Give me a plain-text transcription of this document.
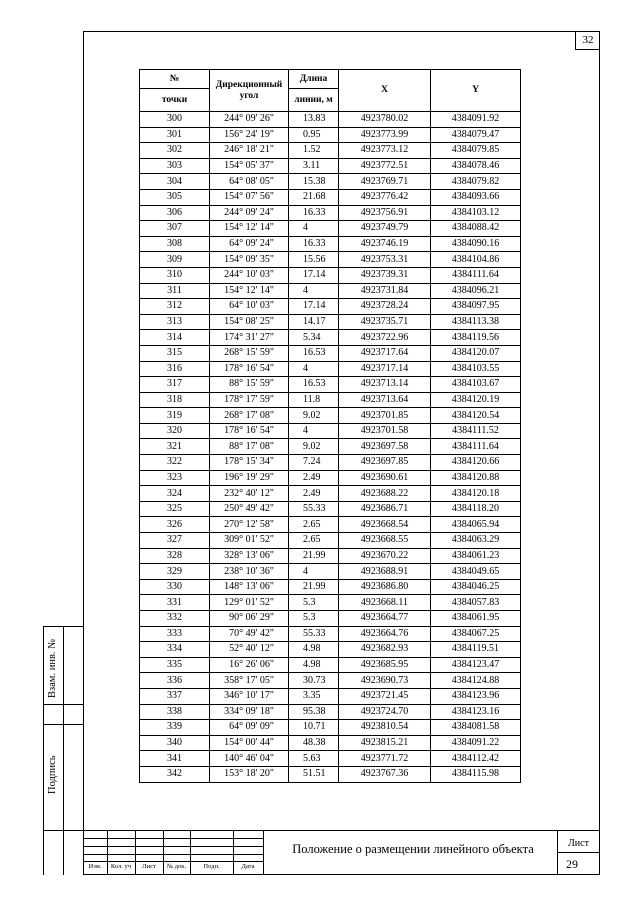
32
№	Дирекционный угол	Длина	X	Y
точки		линии, м		
300	244° 09' 26"	13.83	4923780.02	4384091.92
301	156° 24' 19"	0.95	4923773.99	4384079.47
302	246° 18' 21"	1.52	4923773.12	4384079.85
303	154° 05' 37"	3.11	4923772.51	4384078.46
304	64° 08' 05"	15.38	4923769.71	4384079.82
305	154° 07' 56"	21.68	4923776.42	4384093.66
306	244° 09' 24"	16.33	4923756.91	4384103.12
307	154° 12' 14"	4	4923749.79	4384088.42
308	64° 09' 24"	16.33	4923746.19	4384090.16
309	154° 09' 35"	15.56	4923753.31	4384104.86
310	244° 10' 03"	17.14	4923739.31	4384111.64
311	154° 12' 14"	4	4923731.84	4384096.21
312	64° 10' 03"	17.14	4923728.24	4384097.95
313	154° 08' 25"	14.17	4923735.71	4384113.38
314	174° 31' 27"	5.34	4923722.96	4384119.56
315	268° 15' 59"	16.53	4923717.64	4384120.07
316	178° 16' 54"	4	4923717.14	4384103.55
317	88° 15' 59"	16.53	4923713.14	4384103.67
318	178° 17' 59"	11.8	4923713.64	4384120.19
319	268° 17' 08"	9.02	4923701.85	4384120.54
320	178° 16' 54"	4	4923701.58	4384111.52
321	88° 17' 08"	9.02	4923697.58	4384111.64
322	178° 15' 34"	7.24	4923697.85	4384120.66
323	196° 19' 29"	2.49	4923690.61	4384120.88
324	232° 40' 12"	2.49	4923688.22	4384120.18
325	250° 49' 42"	55.33	4923686.71	4384118.20
326	270° 12' 58"	2.65	4923668.54	4384065.94
327	309° 01' 52"	2.65	4923668.55	4384063.29
328	328° 13' 06"	21.99	4923670.22	4384061.23
329	238° 10' 36"	4	4923688.91	4384049.65
330	148° 13' 06"	21.99	4923686.80	4384046.25
331	129° 01' 52"	5.3	4923668.11	4384057.83
332	90° 06' 29"	5.3	4923664.77	4384061.95
333	70° 49' 42"	55.33	4923664.76	4384067.25
334	52° 40' 12"	4.98	4923682.93	4384119.51
335	16° 26' 06"	4.98	4923685.95	4384123.47
336	358° 17' 05"	30.73	4923690.73	4384124.88
337	346° 10' 17"	3.35	4923721.45	4384123.96
338	334° 09' 18"	95.38	4923724.70	4384123.16
339	64° 09' 09"	10.71	4923810.54	4384081.58
340	154° 00' 44"	48.38	4923815.21	4384091.22
341	140° 46' 04"	5.63	4923771.72	4384112.42
342	153° 18' 20"	51.51	4923767.36	4384115.98
Взам. инв. №
Подпись
Изм.	Кол. уч	Лист	№ док.	Подп.	Дата
Положение о размещении линейного объекта	Лист
29
